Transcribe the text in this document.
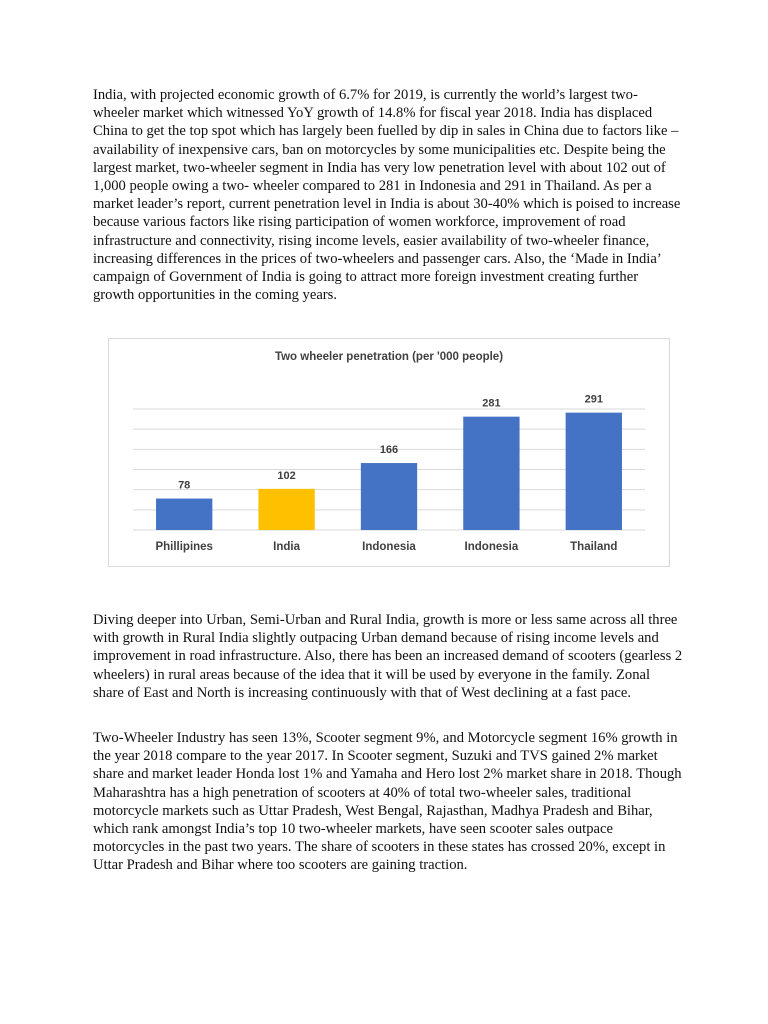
India, with projected economic growth of 6.7% for 2019, is currently the world’s largest two-wheeler market which witnessed YoY growth of 14.8% for fiscal year 2018. India has displaced China to get the top spot which has largely been fuelled by dip in sales in China due to factors like – availability of inexpensive cars, ban on motorcycles by some municipalities etc. Despite being the largest market, two-wheeler segment in India has very low penetration level with about 102 out of 1,000 people owing a two- wheeler compared to 281 in Indonesia and 291 in Thailand. As per a market leader’s report, current penetration level in India is about 30-40% which is poised to increase because various factors like rising participation of women workforce, improvement of road infrastructure and connectivity, rising income levels, easier availability of two-wheeler finance, increasing differences in the prices of two-wheelers and passenger cars. Also, the ‘Made in India’ campaign of Government of India is going to attract more foreign investment creating further growth opportunities in the coming years.

Two wheeler penetration (per '000 people)
78
102
166
281	291
Phillipines	India	Indonesia	Indonesia	Thailand

Diving deeper into Urban, Semi-Urban and Rural India, growth is more or less same across all three with growth in Rural India slightly outpacing Urban demand because of rising income levels and improvement in road infrastructure. Also, there has been an increased demand of scooters (gearless 2 wheelers) in rural areas because of the idea that it will be used by everyone in the family. Zonal share of East and North is increasing continuously with that of West declining at a fast pace.

Two-Wheeler Industry has seen 13%, Scooter segment 9%, and Motorcycle segment 16% growth in the year 2018 compare to the year 2017. In Scooter segment, Suzuki and TVS gained 2% market share and market leader Honda lost 1% and Yamaha and Hero lost 2% market share in 2018. Though Maharashtra has a high penetration of scooters at 40% of total two-wheeler sales, traditional motorcycle markets such as Uttar Pradesh, West Bengal, Rajasthan, Madhya Pradesh and Bihar, which rank amongst India’s top 10 two-wheeler markets, have seen scooter sales outpace motorcycles in the past two years. The share of scooters in these states has crossed 20%, except in Uttar Pradesh and Bihar where too scooters are gaining traction.
